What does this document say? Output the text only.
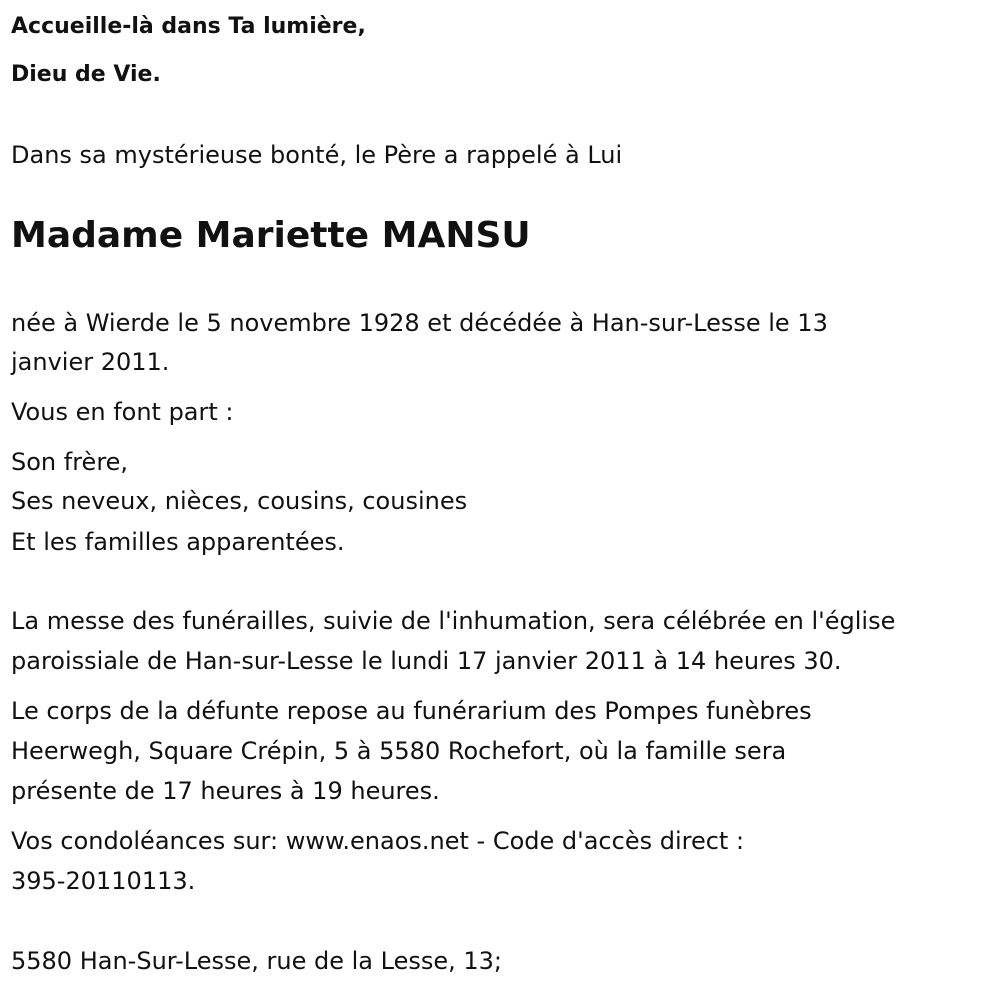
Accueille-là dans Ta lumière,
Dieu de Vie.
Dans sa mystérieuse bonté, le Père a rappelé à Lui
Madame Mariette MANSU
née à Wierde le 5 novembre 1928 et décédée à Han-sur-Lesse le 13
janvier 2011.
Vous en font part :
Son frère,
Ses neveux, nièces, cousins, cousines
Et les familles apparentées.
La messe des funérailles, suivie de l'inhumation, sera célébrée en l'église
paroissiale de Han-sur-Lesse le lundi 17 janvier 2011 à 14 heures 30.
Le corps de la défunte repose au funérarium des Pompes funèbres
Heerwegh, Square Crépin, 5 à 5580 Rochefort, où la famille sera
présente de 17 heures à 19 heures.
Vos condoléances sur: www.enaos.net - Code d'accès direct :
395-20110113.
5580 Han-Sur-Lesse, rue de la Lesse, 13;
